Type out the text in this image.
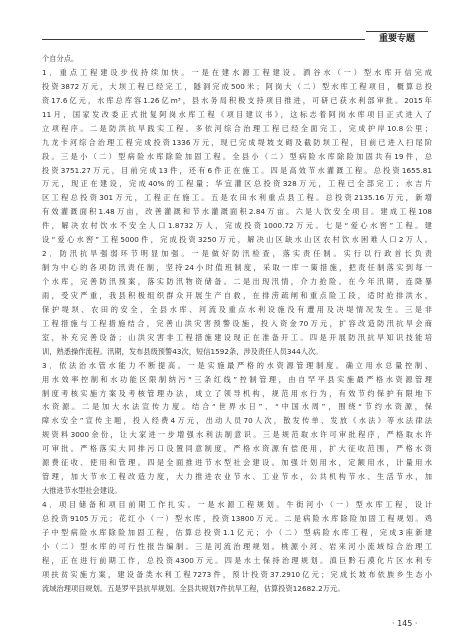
重要专题
个自分点。
1．重点工程建设步伐持续加快。一是在建水源工程建设。洒谷水（一）型水库开信完成
投资3872万元，大坝工程已经完工，隧洞完成500米；阿岗大（二）型水库工程项目，概算总投
资17.6亿元，水库总库容1.26亿m³，县水务局积极支持项目推进，可研已获水利部审批。2015年
11月，国家发改委正式批复阿岗水库工程《项目建议书》，这标志着阿岗水库项目正式进入了
立项程序。二是防洪抗旱践实工程。多依河综合治理工程已经全面完工，完成护岸10.8公里；
九龙卡河综合治理工程完成投资1336万元，现已完成堤坡支砌及截防坝工程，目前已进入扫尾阶
段。三是小（二）型病险水库除险加固工程。全县小（二）型病险水库除险加固共有19件，总
投资3751.27万元，目前完成13件，还有6件正在施工。四是高效节水灌溉工程。总投资1655.81
万元，现正在建设，完成40%的工程量；华宜灌区总投资328万元，工程已全部完工；水吉片
区工程总投资301万元，工程正在施工。五是农田水利重点县工程。总投资2135.16万元，新增
有效灌溉面积1.48万亩，改善灌溉和节水灌溉面积2.84万亩。六是人饮安全项目。建成工程108
件，解决农村饮水不安全人口1.8732万人，完成投资1000.72万元。七是“爱心水窖”工程。建
设“爱心水窖”工程5000件，完成投资3250万元，解决山区缺水山区农村饮水困难人口2万人。
2．防汛抗旱强弱环节明显加强。一是做好防汛检查，落实责任制。实行以行政首长负责
制为中心的各项防汛责任制，坚持24小时值班制度，采取一库一策措施，把责任制落实到每一
个水库，完善防汛预案，落实防汛物资储备。二是出现汛情，介力抢险。在今年汛期，连降暴
雨，受灾严重，我县积极组织群众开展生产自救，在排涝疏闸和重点险工段，适时抢排洪水，
保护堤坝、农田的安全，全县水库、河流及重点水利设施没有遭用及决堤情况发生。三是非
工程措施与工程措施结合，完善山洪灾害预警设施，投入资金70万元，扩容改造防汛抗旱会商
室，补充完善设备；山洪灾害非工程措施建设现正在准备开工。四是开展防汛抗旱知识技能培
训，熟悉操作流程。汛期，发布县级预警43次，短信1592条，涉及责任人员344人次。
3．依法治水管水能力不断提高。一是实施最严格的水资源管理制度。确立用水总量控制、
用水效率控制和水功能区限制纳污“三条红线”控制管理，由自罕平县实施最严格水资源管理
制度考核实施方案及考核管理办法，成立了领导机构，规范用水行为，有效节约保护有限地下
水资源。二是加大水法宣传力度。结合“世界水日”、“中国水周”，围绕“节约水资源，保
障水安全”宣传主题，投入经费4万元，出动人员70人次，散发传单、发放《水法》等水法律法
规资料3000余份，让大家进一步增强水利法制意识。三是规范取水许可审批程序，严格取水许
可审批。严格落实大同排污口设置同意制度，严格水资源有偿使用，扩大征收范围，严格水资
源费征收、使用和管理。四是全面推进节水型社会建设。加强计划用水，定额用水，计量用水
管理，加大节水工程改造力度，大力推进农业节水、工业节水，公共机构节水、生活节水，加
大推进节水型社会建设。
4．项目储备和项目前期工作扎实。一是水源工程规划。牛街河小（一）型水库工程，设计
总投资9105万元；花红小（一）型水库，投资13800万元。二是病险水库除险加固工程规划。鸡
子中型病险水库除险加固工程，估算总投资1.1亿元；小（二）型病险水库工程，完成3座新建
小（二）型水库的可行性报告编制。三是河流治理规划。桃源小河、岩来河小流域综合治理工
程，正在进行前期工作，总投资4300万元。四是水土保持治理规划。滇巨黔石漠化片区水利专
项扶贫实施方案，建设备类水利工程7273件，预计投资37.2910亿元；完成长坡布依族乡生态小
流域治理项目规划。五是罗平县抗旱规划。全县共规划7件抗旱工程，估算投资12682.2万元。
· 145 ·
